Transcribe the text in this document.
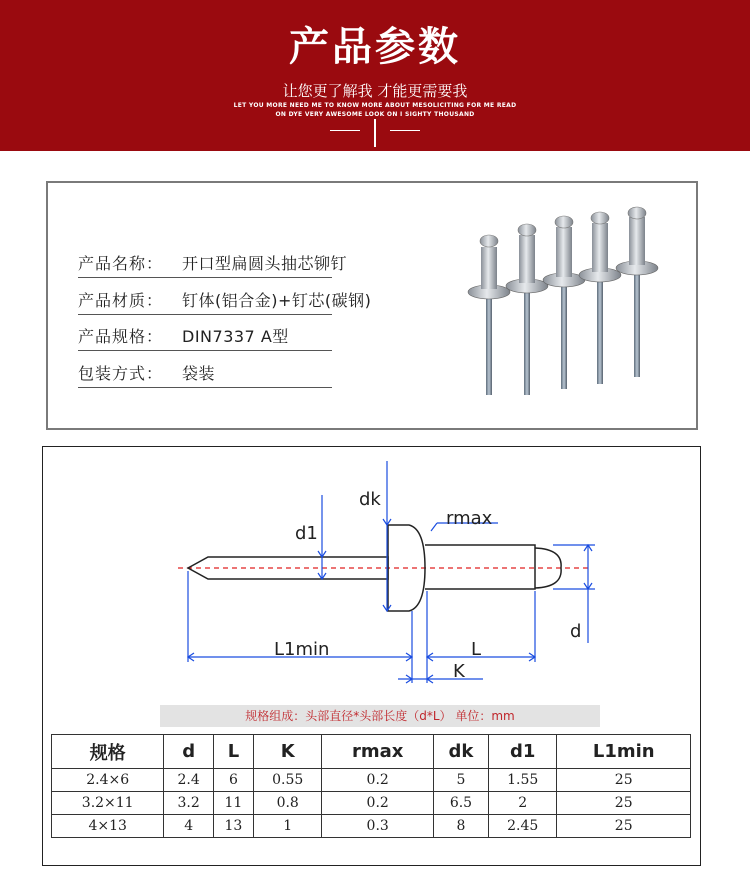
产品参数
让您更了解我 才能更需要我
LET YOU MORE NEED ME TO KNOW MORE ABOUT MESOLICITING FOR ME READ
ON DYE VERY AWESOME LOOK ON I SIGHTY THOUSAND
产品名称： 开口型扁圆头抽芯铆钉
产品材质： 钉体(铝合金)+钉芯(碳钢)
产品规格： DIN7337 A型
包装方式： 袋装
dk
rmax
d1
d
L1min	L
K
规格组成：头部直径*头部长度（d*L） 单位：mm
规格	d	L	K	rmax	dk	d1	L1min
2.4×6	2.4	6	0.55	0.2	5	1.55	25
3.2×11	3.2	11	0.8	0.2	6.5	2	25
4×13	4	13	1	0.3	8	2.45	25
